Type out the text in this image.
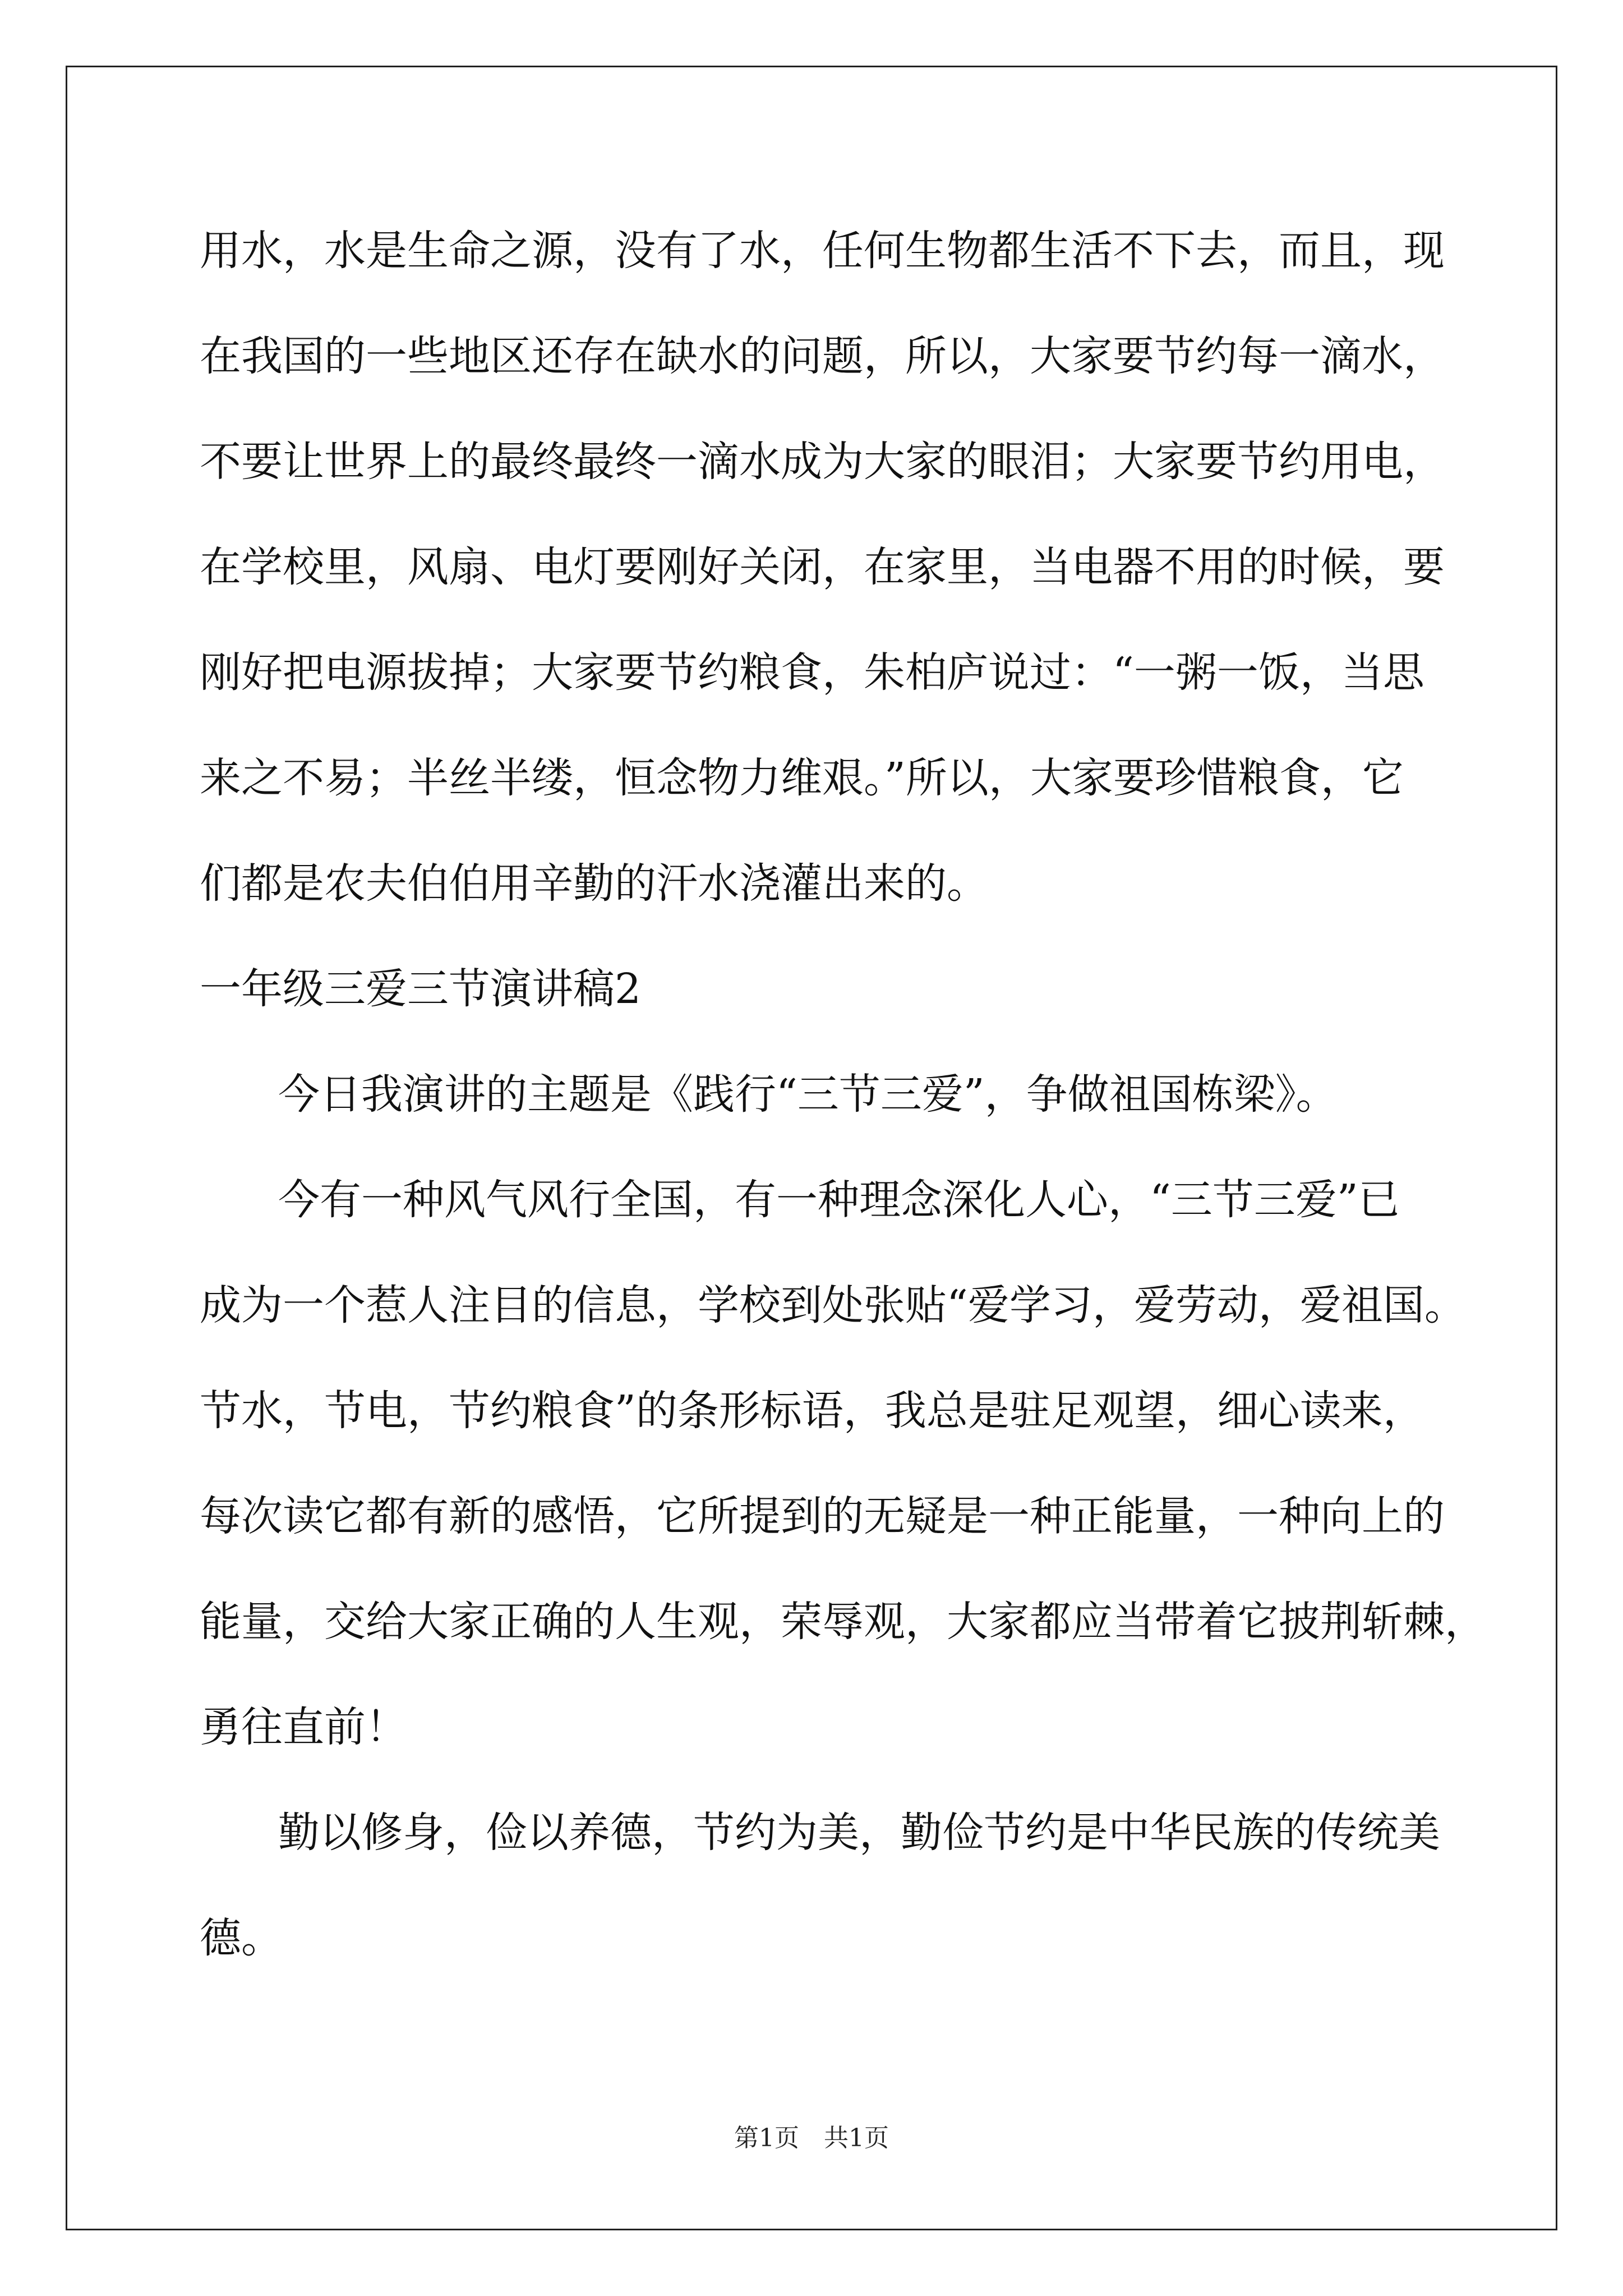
用水，水是生命之源，没有了水，任何生物都生活不下去，而且，现
在我国的一些地区还存在缺水的问题，所以，大家要节约每一滴水，
不要让世界上的最终最终一滴水成为大家的眼泪；大家要节约用电，
在学校里，风扇、电灯要刚好关闭，在家里，当电器不用的时候，要
刚好把电源拔掉；大家要节约粮食，朱柏庐说过：“一粥一饭，当思
来之不易；半丝半缕，恒念物力维艰。”所以，大家要珍惜粮食，它
们都是农夫伯伯用辛勤的汗水浇灌出来的。
一年级三爱三节演讲稿2
今日我演讲的主题是《践行“三节三爱”，争做祖国栋梁》。
今有一种风气风行全国，有一种理念深化人心，“三节三爱”已
成为一个惹人注目的信息，学校到处张贴“爱学习，爱劳动，爱祖国。
节水，节电，节约粮食”的条形标语，我总是驻足观望，细心读来，
每次读它都有新的感悟，它所提到的无疑是一种正能量，一种向上的
能量，交给大家正确的人生观，荣辱观，大家都应当带着它披荆斩棘，
勇往直前！
勤以修身，俭以养德，节约为美，勤俭节约是中华民族的传统美
德。
第1页　共1页
